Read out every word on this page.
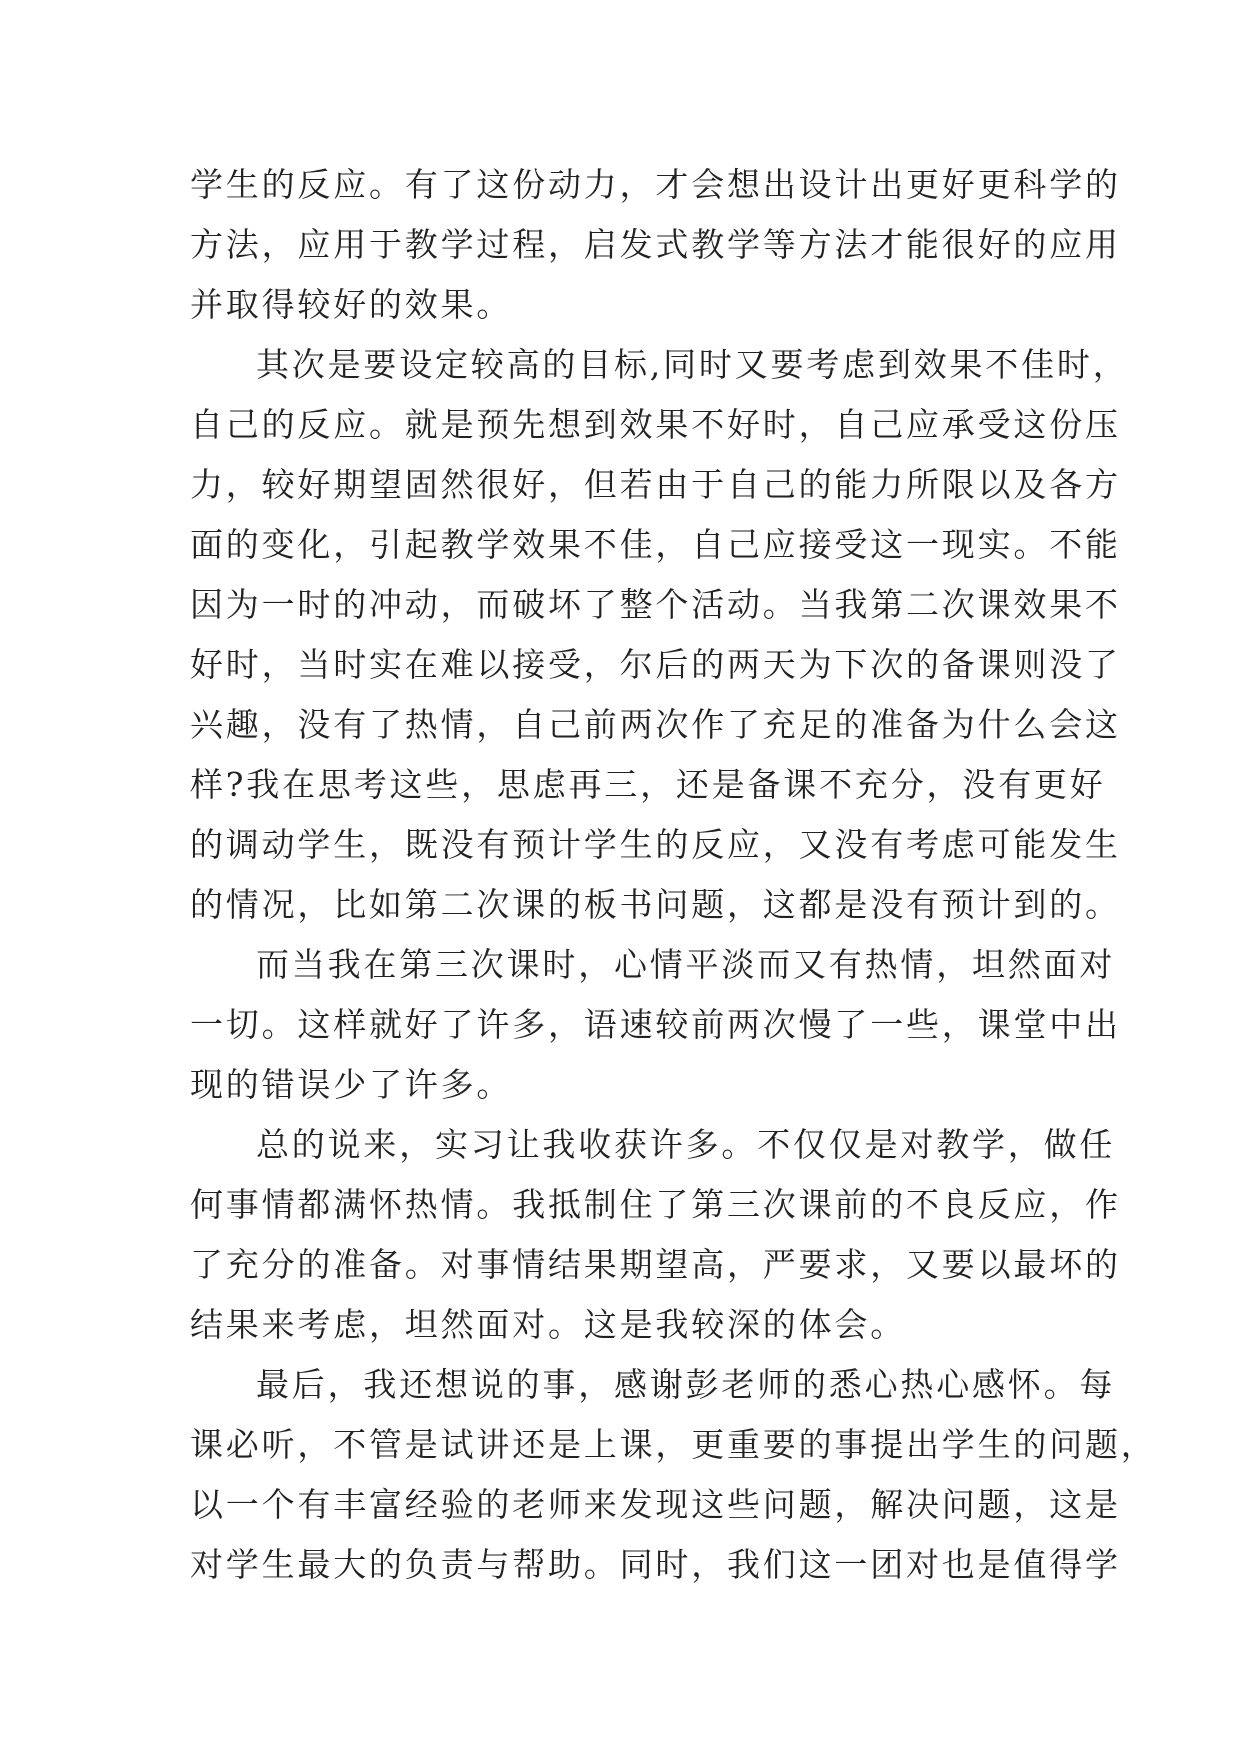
学生的反应。有了这份动力，才会想出设计出更好更科学的
方法，应用于教学过程，启发式教学等方法才能很好的应用
并取得较好的效果。
其次是要设定较高的目标,同时又要考虑到效果不佳时，
自己的反应。就是预先想到效果不好时，自己应承受这份压
力，较好期望固然很好，但若由于自己的能力所限以及各方
面的变化，引起教学效果不佳，自己应接受这一现实。不能
因为一时的冲动，而破坏了整个活动。当我第二次课效果不
好时，当时实在难以接受，尔后的两天为下次的备课则没了
兴趣，没有了热情，自己前两次作了充足的准备为什么会这
样?我在思考这些，思虑再三，还是备课不充分，没有更好
的调动学生，既没有预计学生的反应，又没有考虑可能发生
的情况，比如第二次课的板书问题，这都是没有预计到的。
而当我在第三次课时，心情平淡而又有热情，坦然面对
一切。这样就好了许多，语速较前两次慢了一些，课堂中出
现的错误少了许多。
总的说来，实习让我收获许多。不仅仅是对教学，做任
何事情都满怀热情。我抵制住了第三次课前的不良反应，作
了充分的准备。对事情结果期望高，严要求，又要以最坏的
结果来考虑，坦然面对。这是我较深的体会。
最后，我还想说的事，感谢彭老师的悉心热心感怀。每
课必听，不管是试讲还是上课，更重要的事提出学生的问题，
以一个有丰富经验的老师来发现这些问题，解决问题，这是
对学生最大的负责与帮助。同时，我们这一团对也是值得学
